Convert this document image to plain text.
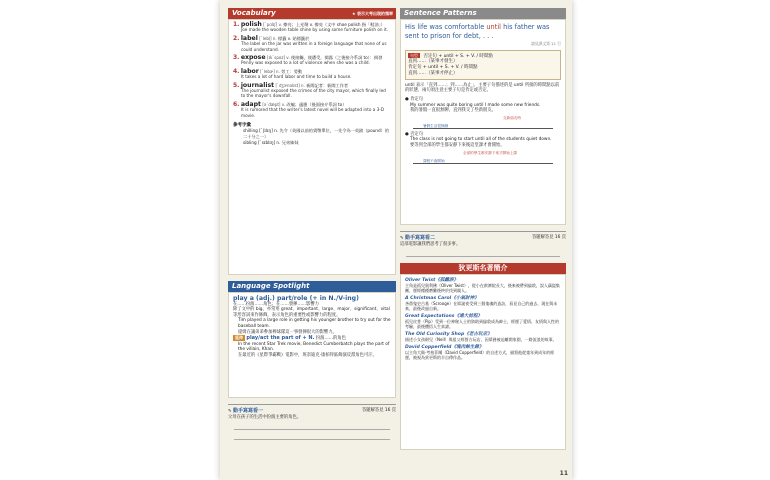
Vocabulary	★ 表示大考出現的頻率
1. polish [ˋpɑlɪʃ] v. 擦亮；上光劑 v. 擦亮（文中 shoe polish 指「鞋油」）
Joe made the wooden table shine by using some furniture polish on it.
2. label [ˋlebḷ] n. 標籤 v. 貼標籤於
The label on the jar was written in a foreign language that none of us could understand.
3. expose [ɪkˋspoz] v. 使接觸，使遭受，揭露（之後接介系詞 to）：揭發
Penny was exposed to a lot of violence when she was a child.
4. labor [ˋlebɚ] n. 勞工：勞動
It takes a lot of hard labor and time to build a house.
5. journalist [ˋdʒɝnəlɪst] n. 新聞記者：新聞工作者
The journalist exposed the crimes of the city mayor, which finally led to the mayor's downfall.
6. adapt [əˋdæpt] v. 改編；適應（後面接介系詞 to）
It is rumored that the writer's latest novel will be adapted into a 3-D movie.
參考字彙
shilling [ˋʃɪlɪŋ] n. 先令（英國以前的貨幣單位，一先令為一英鎊（pound）的二十分之一）
sibling [ˋsɪblɪŋ] n. 兄弟姊妹
Language Spotlight
play a (adj.) part/role (+ in N./V-ing)
在……扮演……角色；在……發揮……影響力
除了文中的 big，亦常用 great、important、large、major、significant、vital 等形容詞來作修飾，表示角色的重要性或影響力的程度。
Tim played a large role in getting his younger brother to try out for the baseball team.
提姆在讓弟弟參加棒球隊這一事發揮很大的影響力。
延伸 play/act the part of + N. 扮演……的角色
In the recent Star Trek movie, Benedict Cumberbatch plays the part of the villain, Khan.
在最近的《星際爭霸戰》電影中，班奈迪克·康柏拜區飾演反派角色可汗。
✎ 動手寫寫看一	答題解答見 16 頁
父母在孩子的生活中扮演主要的角色。
Sentence Patterns
His life was comfortable until his father was sent to prison for debt, . . .
請見課文第 11 行
句型 否定句 + until + S. + V. / 時間點
直到……（某事才發生）
肯定句 + until + S. + V. / 時間點
直到……（某事才停止）
until 表示「直到……；到……為止」，主要子句描述的是 until 所接的時間點以前的狀態，兩句須注意主要子句是肯定或否定。
● 肯定句
My summer was quite boring until I made some new friends.
我的暑假一直很無聊，直到我交了些新朋友。
交新朋友時
暑假生活很無聊
● 否定句
The class is not going to start until all of the students quiet down.
要等到全部的學生都安靜下來後這堂課才會開始。
全部的學生都安靜下來才開始上課
課程不會開始
✎ 動手寫寫看二	答題解答見 16 頁
這部電影讓我們思考了很多事。
狄更斯名著簡介
Oliver Twist《孤雛淚》
主角是孤兒奧利佛（Oliver Twist），從小在救濟院長大，後來被帶到倫敦，誤入竊盜集團，歷經種種磨難後終於找到親人。
A Christmas Carol《小氣財神》
吝嗇鬼史古基（Scrooge）在耶誕夜受到三個鬼魂的造訪，看見自己的過去、現在與未來，最後改過自新。
Great Expectations《遠大前程》
孤兒皮普（Pip）受到一位神秘人士的資助到倫敦成為紳士，經歷了愛情、友情與人性的考驗，最後體悟人生真諦。
The Old Curiosity Shop《老古玩店》
描述小女孩耐兒（Nell）與祖父經營古玩店，因債務被迫離開家園，一路流浪的故事。
David Copperfield《塊肉餘生錄》
以主角大衛·考柏菲爾（David Copperfield）的自述方式，描寫他從童年到成年的經歷，被視為狄更斯的半自傳作品。
11
